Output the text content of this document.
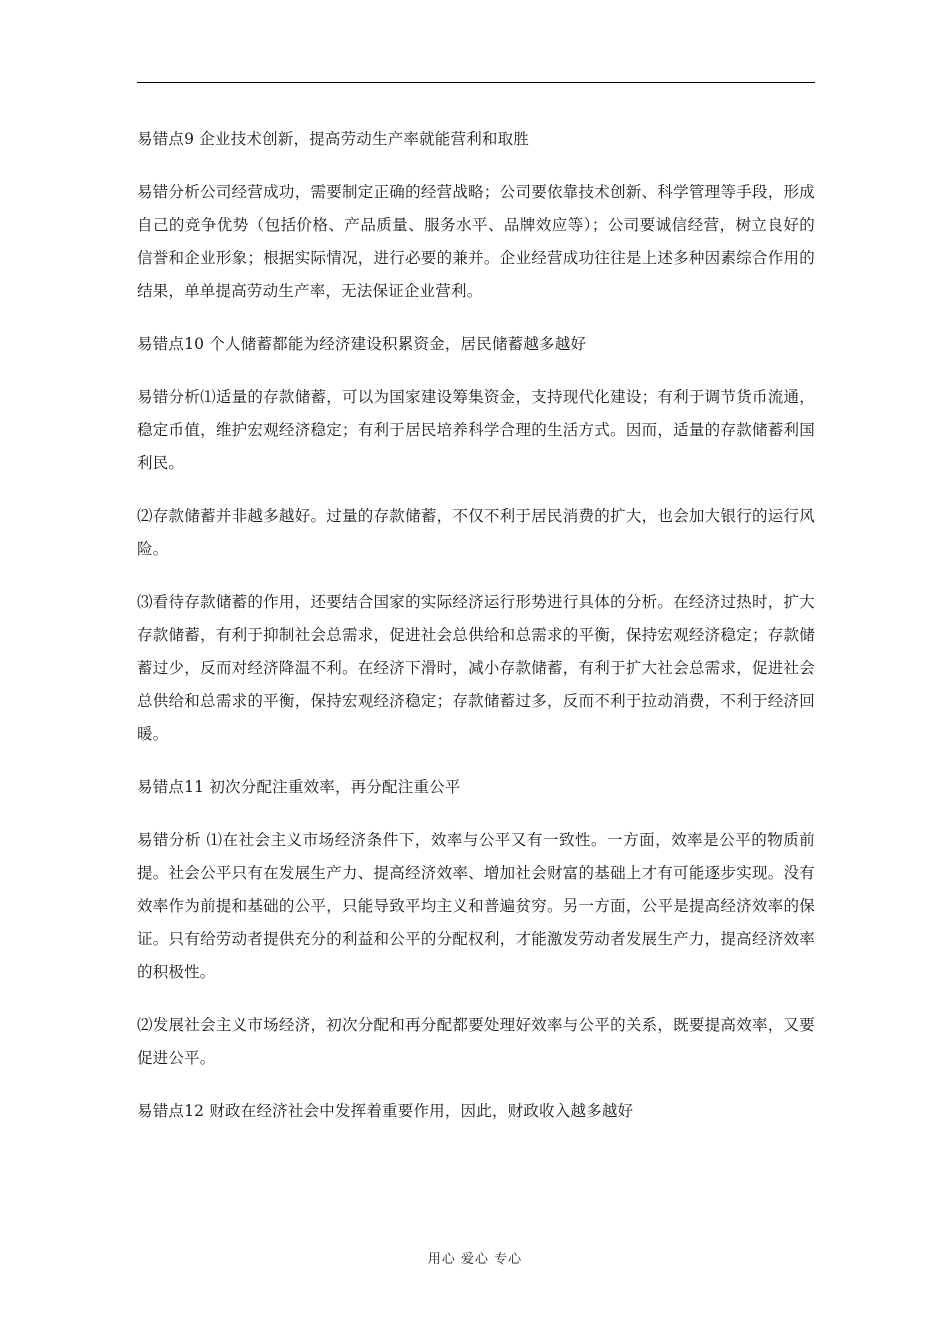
易错点9 企业技术创新，提高劳动生产率就能营利和取胜

易错分析公司经营成功，需要制定正确的经营战略；公司要依靠技术创新、科学管理等手段，形成自己的竞争优势（包括价格、产品质量、服务水平、品牌效应等）；公司要诚信经营，树立良好的信誉和企业形象；根据实际情况，进行必要的兼并。企业经营成功往往是上述多种因素综合作用的结果，单单提高劳动生产率，无法保证企业营利。

易错点10 个人储蓄都能为经济建设积累资金，居民储蓄越多越好

易错分析⑴适量的存款储蓄，可以为国家建设筹集资金，支持现代化建设；有利于调节货币流通，稳定币值，维护宏观经济稳定；有利于居民培养科学合理的生活方式。因而，适量的存款储蓄利国利民。

⑵存款储蓄并非越多越好。过量的存款储蓄，不仅不利于居民消费的扩大，也会加大银行的运行风险。

⑶看待存款储蓄的作用，还要结合国家的实际经济运行形势进行具体的分析。在经济过热时，扩大存款储蓄，有利于抑制社会总需求，促进社会总供给和总需求的平衡，保持宏观经济稳定；存款储蓄过少，反而对经济降温不利。在经济下滑时，减小存款储蓄，有利于扩大社会总需求，促进社会总供给和总需求的平衡，保持宏观经济稳定；存款储蓄过多，反而不利于拉动消费，不利于经济回暖。

易错点11 初次分配注重效率，再分配注重公平

易错分析 ⑴在社会主义市场经济条件下，效率与公平又有一致性。一方面，效率是公平的物质前提。社会公平只有在发展生产力、提高经济效率、增加社会财富的基础上才有可能逐步实现。没有效率作为前提和基础的公平，只能导致平均主义和普遍贫穷。另一方面，公平是提高经济效率的保证。只有给劳动者提供充分的利益和公平的分配权利，才能激发劳动者发展生产力，提高经济效率的积极性。

⑵发展社会主义市场经济，初次分配和再分配都要处理好效率与公平的关系，既要提高效率，又要促进公平。

易错点12 财政在经济社会中发挥着重要作用，因此，财政收入越多越好

用心 爱心 专心
